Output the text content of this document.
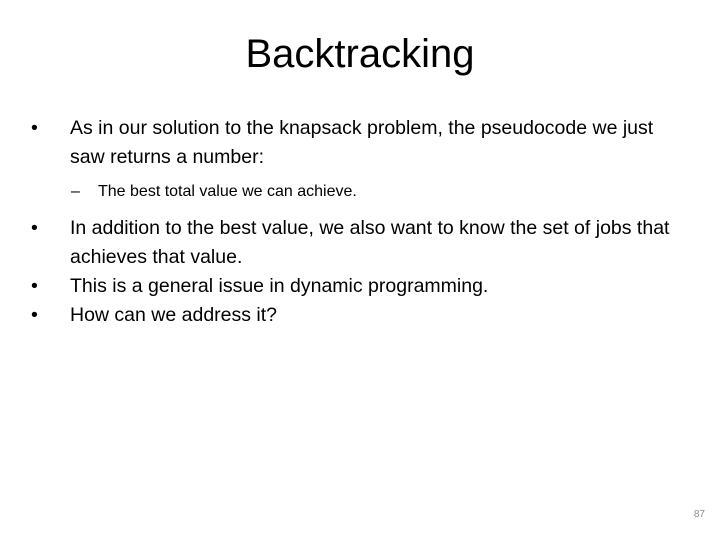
Backtracking
•	As in our solution to the knapsack problem, the pseudocode we just saw returns a number:
– The best total value we can achieve.
•	In addition to the best value, we also want to know the set of jobs that achieves that value.
•	This is a general issue in dynamic programming.
•	How can we address it?
87
